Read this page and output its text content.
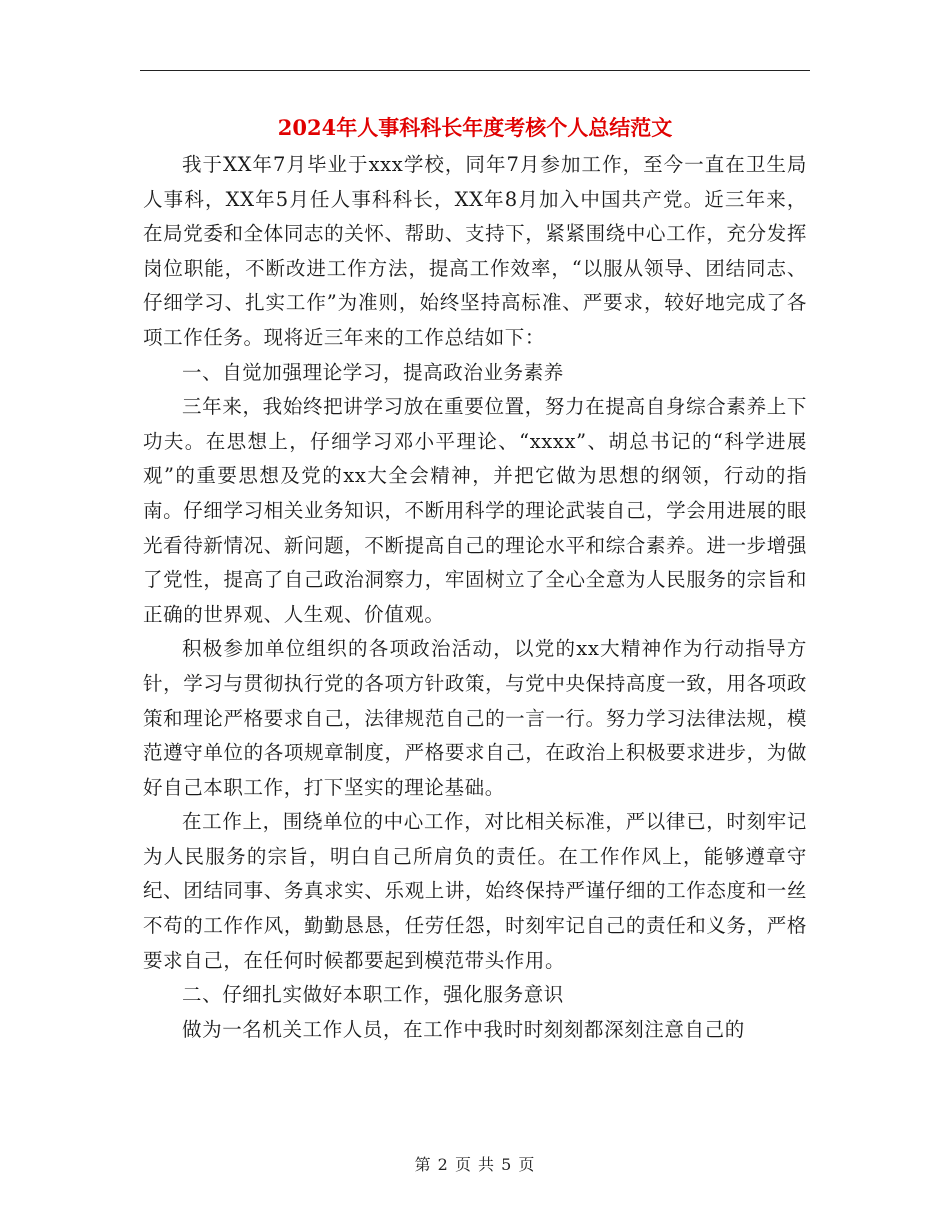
2024年人事科科长年度考核个人总结范文

我于XX年7月毕业于xxx学校，同年7月参加工作，至今一直在卫生局人事科，XX年5月任人事科科长，XX年8月加入中国共产党。近三年来，在局党委和全体同志的关怀、帮助、支持下，紧紧围绕中心工作，充分发挥岗位职能，不断改进工作方法，提高工作效率，“以服从领导、团结同志、仔细学习、扎实工作”为准则，始终坚持高标准、严要求，较好地完成了各项工作任务。现将近三年来的工作总结如下：

一、自觉加强理论学习，提高政治业务素养

三年来，我始终把讲学习放在重要位置，努力在提高自身综合素养上下功夫。在思想上，仔细学习邓小平理论、“xxxx”、胡总书记的“科学进展观”的重要思想及党的xx大全会精神，并把它做为思想的纲领，行动的指南。仔细学习相关业务知识，不断用科学的理论武装自己，学会用进展的眼光看待新情况、新问题，不断提高自己的理论水平和综合素养。进一步增强了党性，提高了自己政治洞察力，牢固树立了全心全意为人民服务的宗旨和正确的世界观、人生观、价值观。

积极参加单位组织的各项政治活动，以党的xx大精神作为行动指导方针，学习与贯彻执行党的各项方针政策，与党中央保持高度一致，用各项政策和理论严格要求自己，法律规范自己的一言一行。努力学习法律法规，模范遵守单位的各项规章制度，严格要求自己，在政治上积极要求进步，为做好自己本职工作，打下坚实的理论基础。

在工作上，围绕单位的中心工作，对比相关标准，严以律已，时刻牢记为人民服务的宗旨，明白自己所肩负的责任。在工作作风上，能够遵章守纪、团结同事、务真求实、乐观上讲，始终保持严谨仔细的工作态度和一丝不苟的工作作风，勤勤恳恳，任劳任怨，时刻牢记自己的责任和义务，严格要求自己，在任何时候都要起到模范带头作用。

二、仔细扎实做好本职工作，强化服务意识

做为一名机关工作人员，在工作中我时时刻刻都深刻注意自己的

第 2 页 共 5 页
